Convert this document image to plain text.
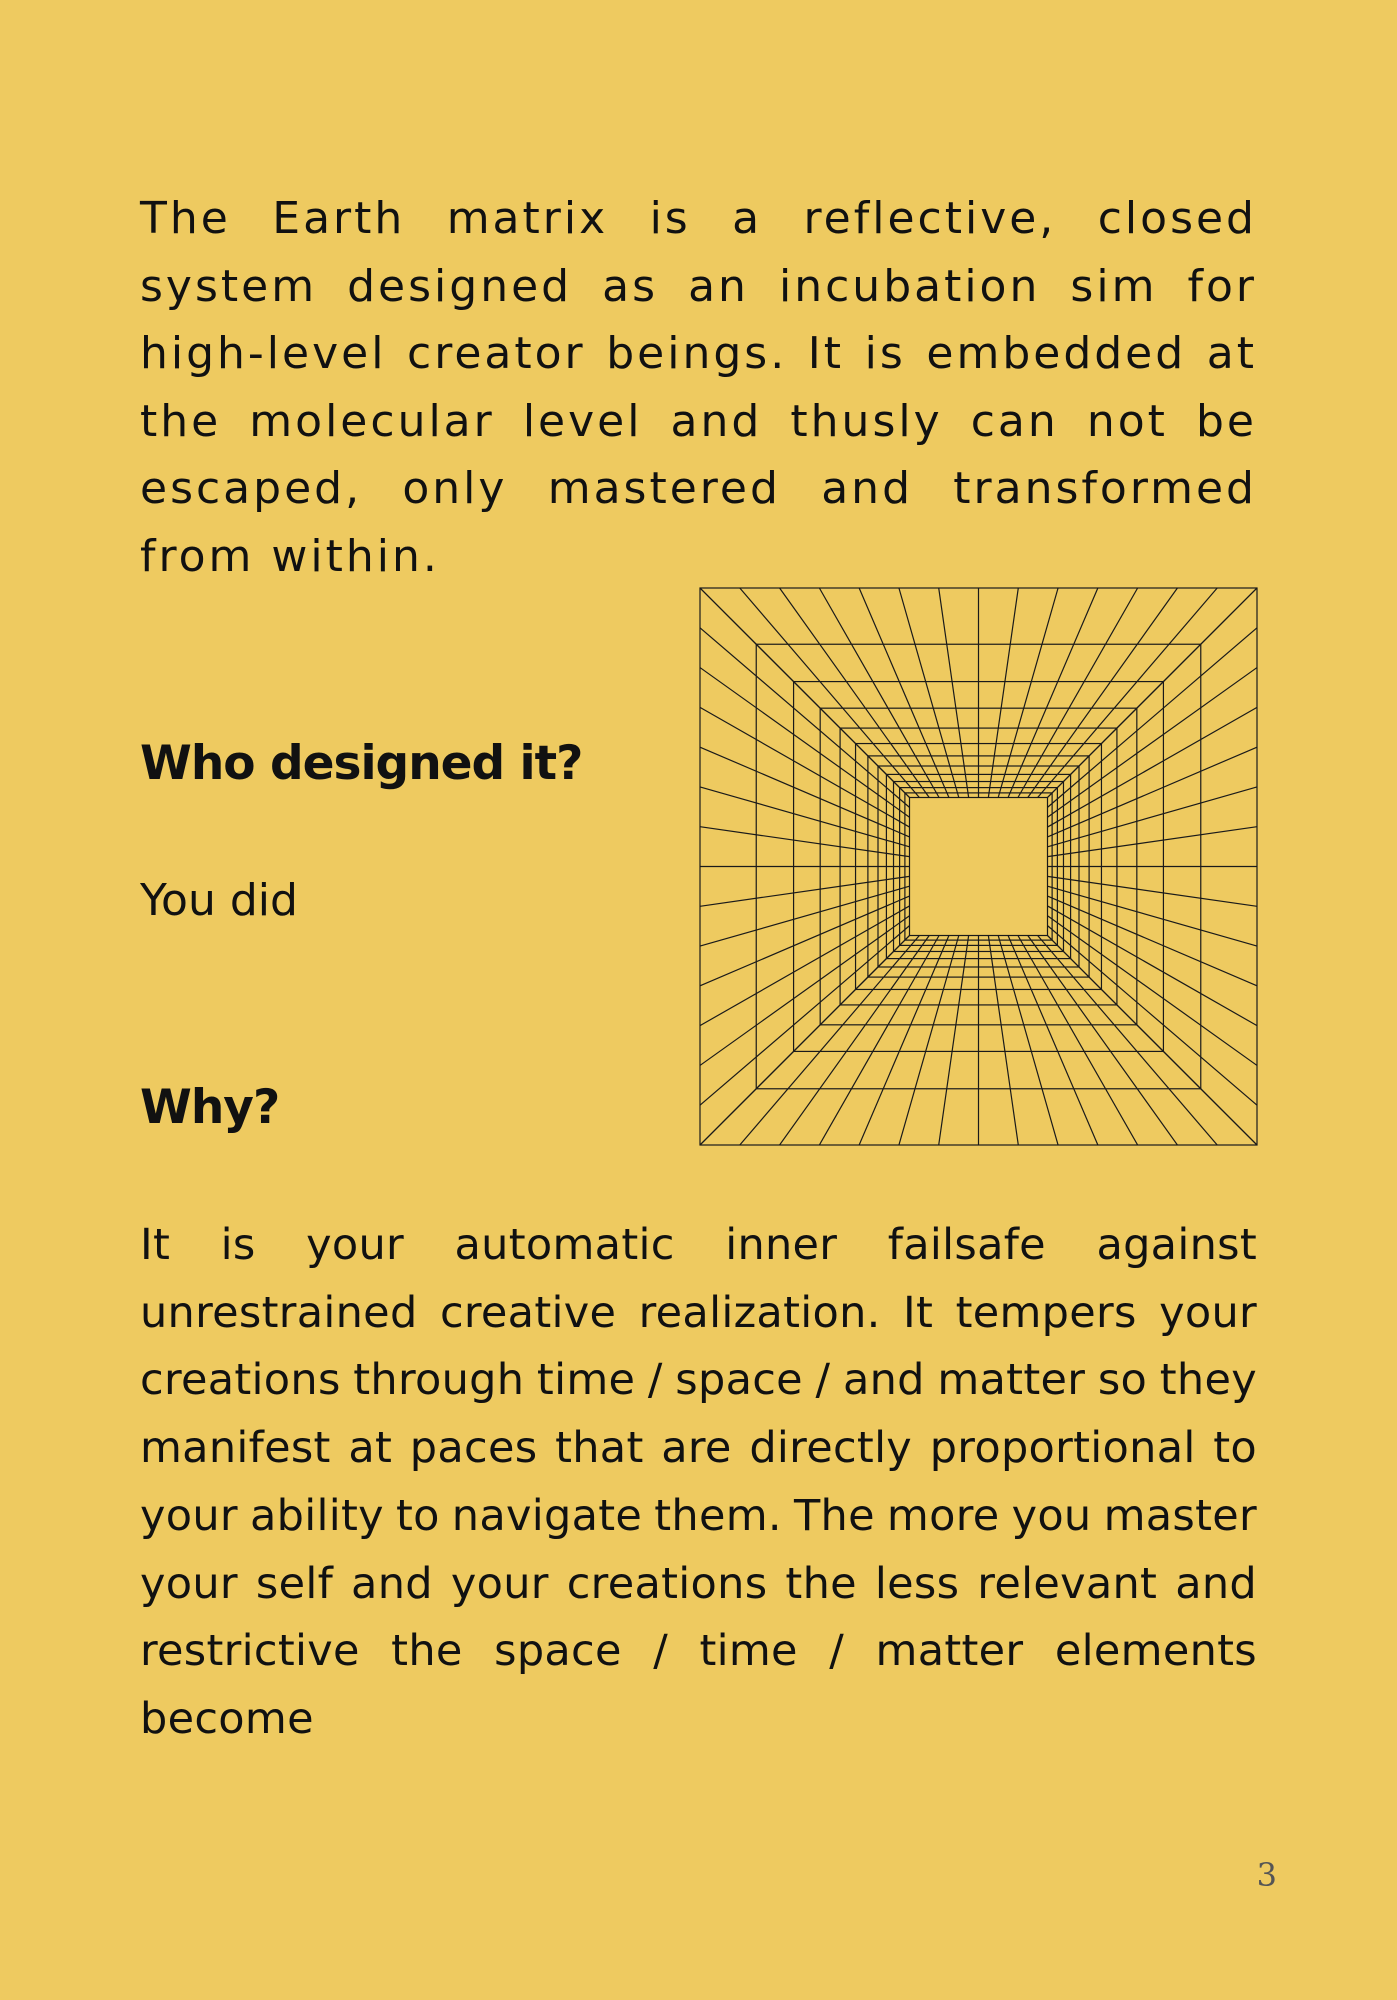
The Earth matrix is a reflective, closed system designed as an incubation sim for high-level creator beings. It is embedded at the molecular level and thusly can not be escaped, only mastered and transformed from within.

Who designed it?

You did

Why?

It is your automatic inner failsafe against unrestrained creative realization. It tempers your creations through time / space / and matter so they manifest at paces that are directly proportional to your ability to navigate them. The more you master your self and your creations the less relevant and restrictive the space / time / matter elements become

3
